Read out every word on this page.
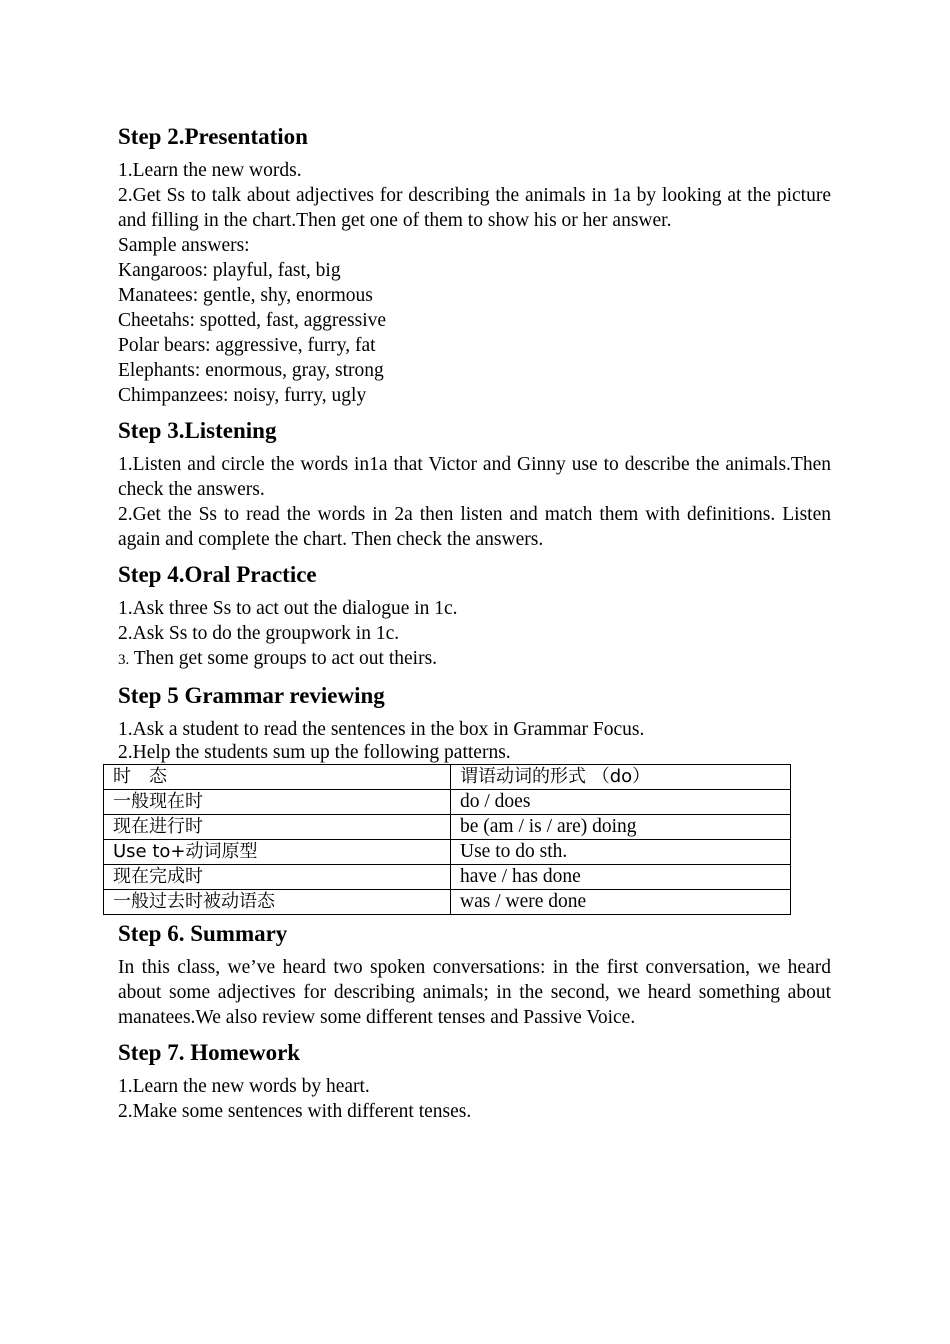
Step 2.Presentation
1.Learn the new words.
2.Get Ss to talk about adjectives for describing the animals in 1a by looking at the picture and filling in the chart.Then get one of them to show his or her answer.
Sample answers:
Kangaroos: playful, fast, big
Manatees: gentle, shy, enormous
Cheetahs: spotted, fast, aggressive
Polar bears: aggressive, furry, fat
Elephants: enormous, gray, strong
Chimpanzees: noisy, furry, ugly
Step 3.Listening
1.Listen and circle the words in1a that Victor and Ginny use to describe the animals.Then check the answers.
2.Get the Ss to read the words in 2a then listen and match them with definitions. Listen again and complete the chart. Then check the answers.
Step 4.Oral Practice
1.Ask three Ss to act out the dialogue in 1c.
2.Ask Ss to do the groupwork in 1c.
3. Then get some groups to act out theirs.
Step 5 Grammar reviewing
1.Ask a student to read the sentences in the box in Grammar Focus.
2.Help the students sum up the following patterns.
时　态	谓语动词的形式 （do）
一般现在时	do / does
现在进行时	be (am / is / are) doing
Use to+动词原型	Use to do sth.
现在完成时	have / has done
一般过去时被动语态	was / were done
Step 6. Summary
In this class, we’ve heard two spoken conversations: in the first conversation, we heard about some adjectives for describing animals; in the second, we heard something about manatees.We also review some different tenses and Passive Voice.
Step 7. Homework
1.Learn the new words by heart.
2.Make some sentences with different tenses.
